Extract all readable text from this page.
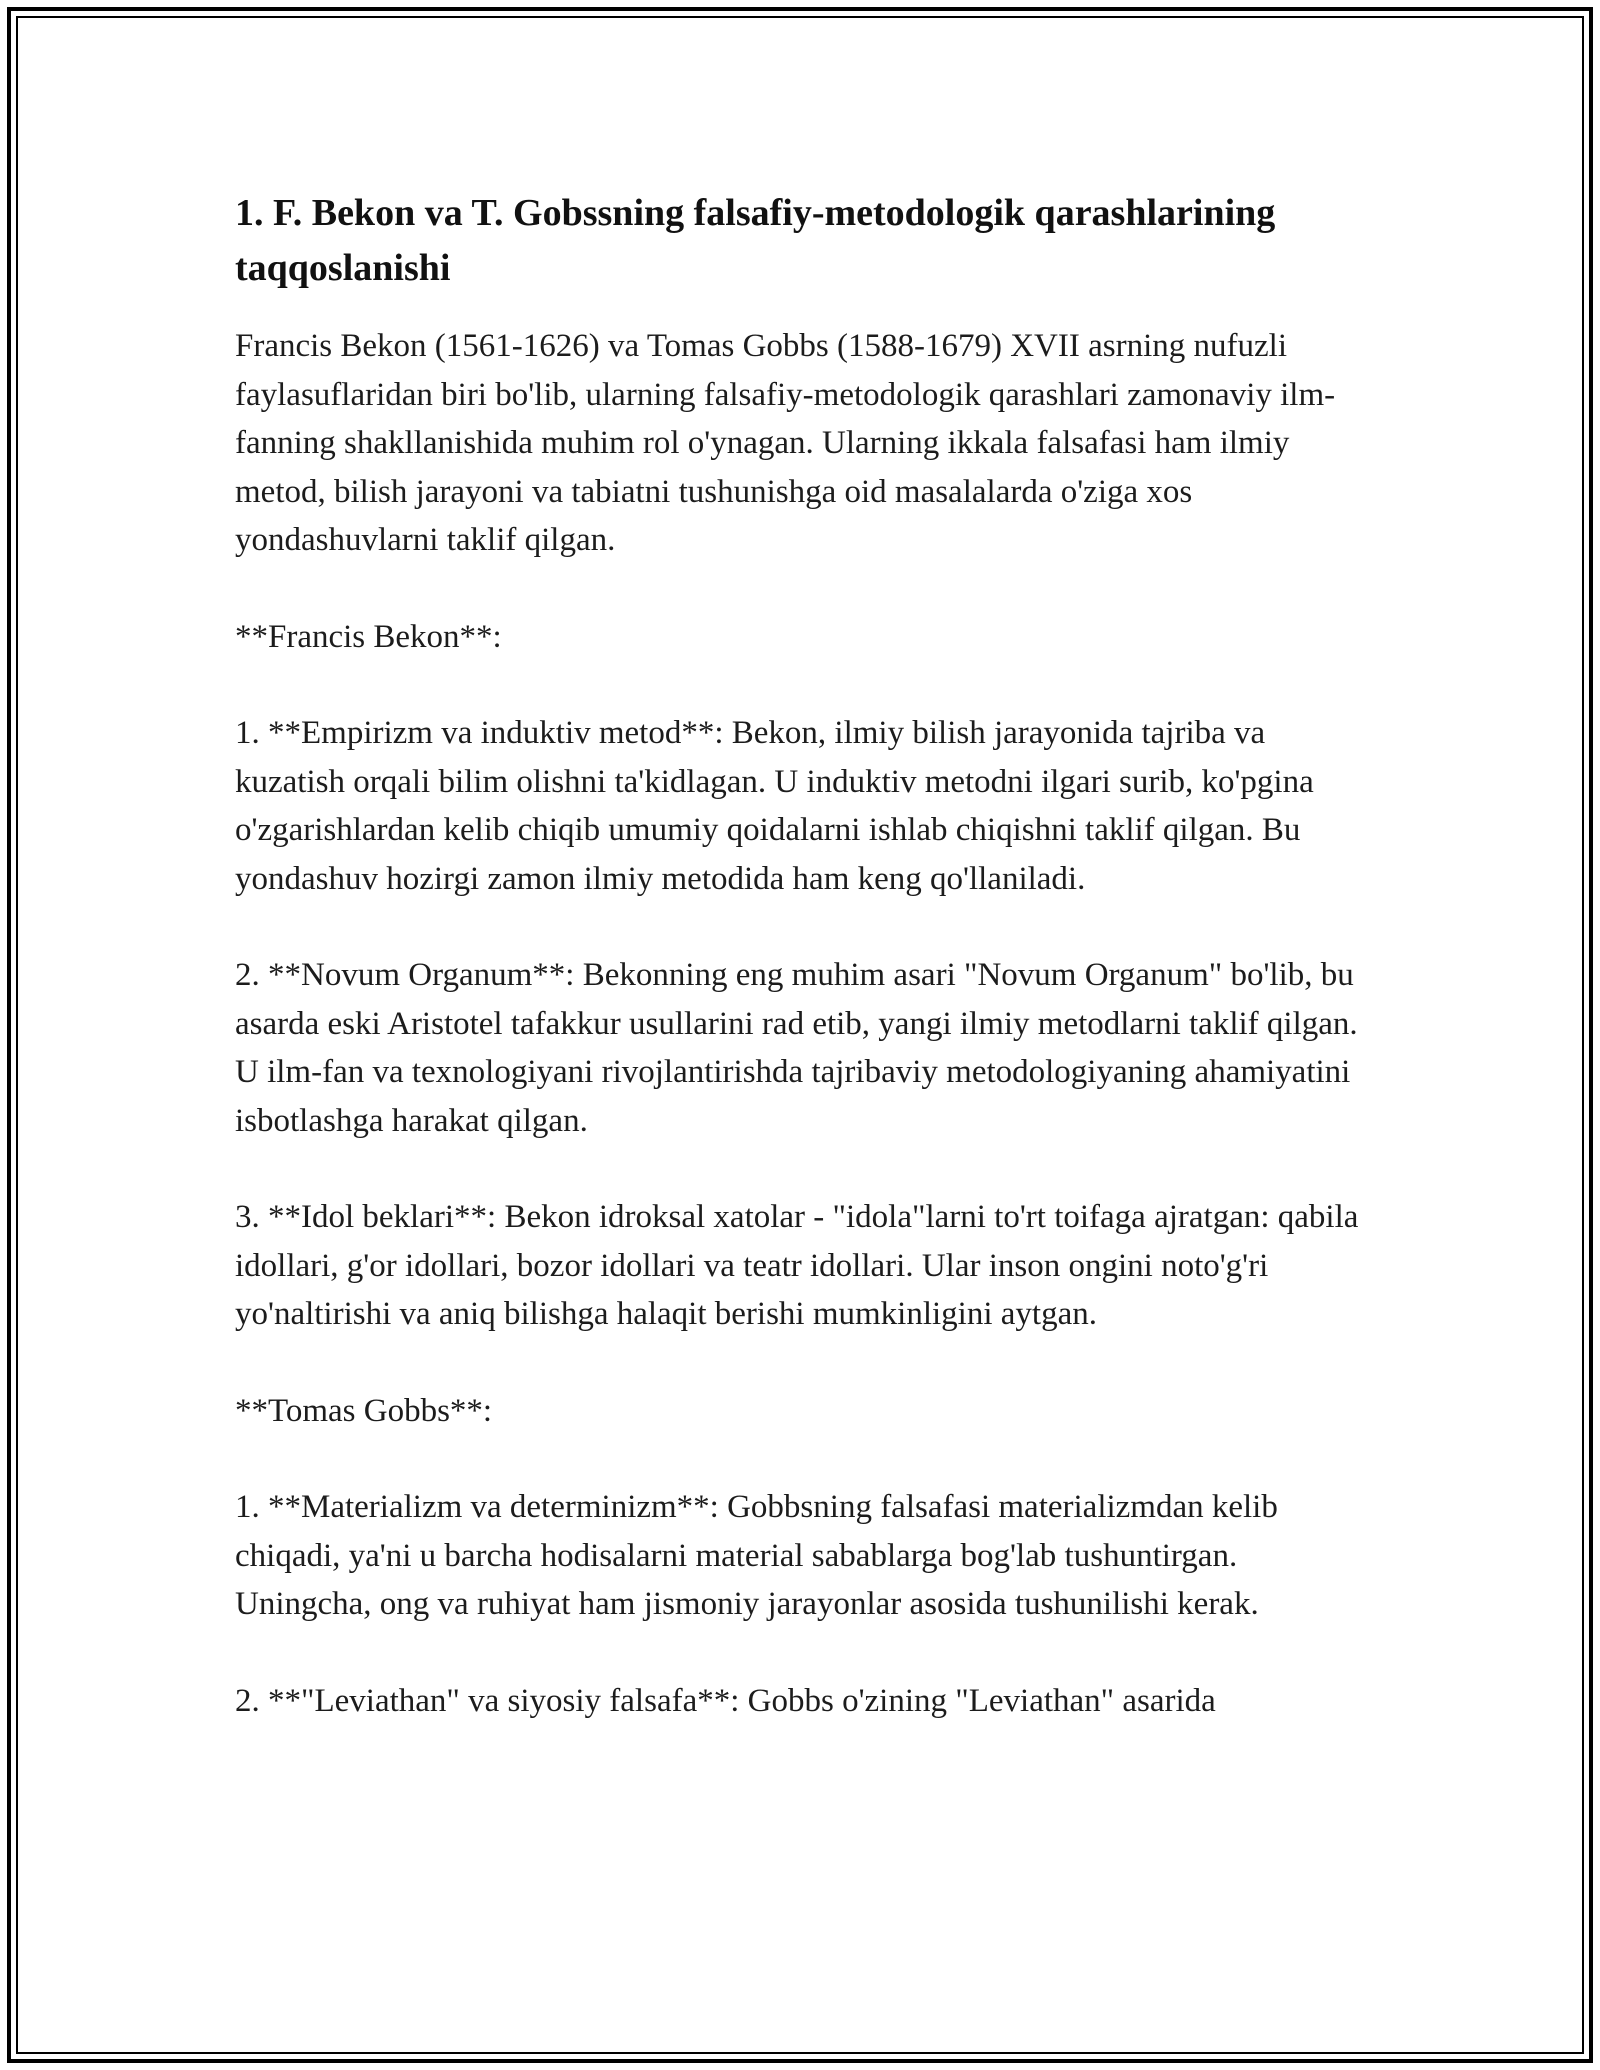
1. F. Bekon va T. Gobssning falsafiy-metodologik qarashlarining taqqoslanishi

Francis Bekon (1561-1626) va Tomas Gobbs (1588-1679) XVII asrning nufuzli faylasuflaridan biri bo'lib, ularning falsafiy-metodologik qarashlari zamonaviy ilm-fanning shakllanishida muhim rol o'ynagan. Ularning ikkala falsafasi ham ilmiy metod, bilish jarayoni va tabiatni tushunishga oid masalalarda o'ziga xos yondashuvlarni taklif qilgan.

**Francis Bekon**:

1. **Empirizm va induktiv metod**: Bekon, ilmiy bilish jarayonida tajriba va kuzatish orqali bilim olishni ta'kidlagan. U induktiv metodni ilgari surib, ko'pgina o'zgarishlardan kelib chiqib umumiy qoidalarni ishlab chiqishni taklif qilgan. Bu yondashuv hozirgi zamon ilmiy metodida ham keng qo'llaniladi.

2. **Novum Organum**: Bekonning eng muhim asari "Novum Organum" bo'lib, bu asarda eski Aristotel tafakkur usullarini rad etib, yangi ilmiy metodlarni taklif qilgan. U ilm-fan va texnologiyani rivojlantirishda tajribaviy metodologiyaning ahamiyatini isbotlashga harakat qilgan.

3. **Idol beklari**: Bekon idroksal xatolar - "idola"larni to'rt toifaga ajratgan: qabila idollari, g'or idollari, bozor idollari va teatr idollari. Ular inson ongini noto'g'ri yo'naltirishi va aniq bilishga halaqit berishi mumkinligini aytgan.

**Tomas Gobbs**:

1. **Materializm va determinizm**: Gobbsning falsafasi materializmdan kelib chiqadi, ya'ni u barcha hodisalarni material sabablarga bog'lab tushuntirgan. Uningcha, ong va ruhiyat ham jismoniy jarayonlar asosida tushunilishi kerak.

2. **"Leviathan" va siyosiy falsafa**: Gobbs o'zining "Leviathan" asarida
